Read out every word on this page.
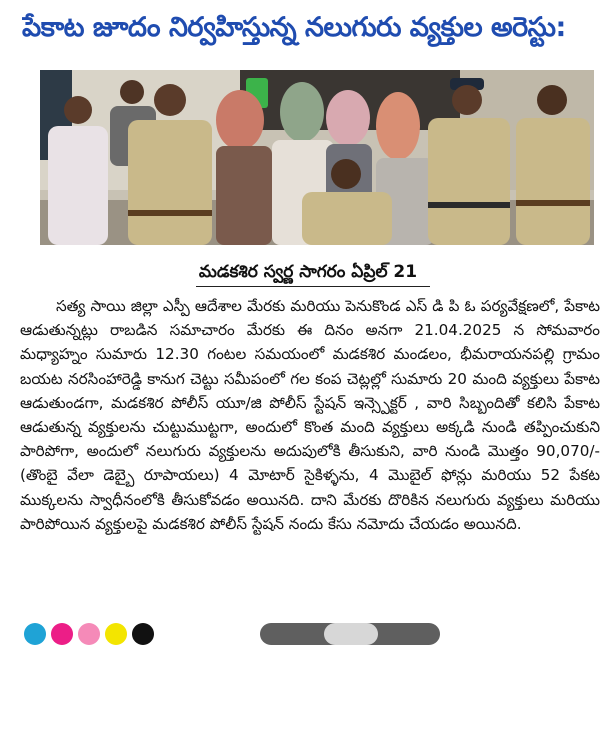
పేకాట జూదం నిర్వహిస్తున్న నలుగురు వ్యక్తుల అరెస్టు:
మడకశిర స్వర్ణ సాగరం ఏప్రిల్ 21
సత్య సాయి జిల్లా ఎస్పీ ఆదేశాల మేరకు మరియు పెనుకొండ ఎస్ డి పి ఓ పర్యవేక్షణలో, పేకాట ఆడుతున్నట్లు రాబడిన సమాచారం మేరకు ఈ దినం అనగా 21.04.2025 న సోమవారం మధ్యాహ్నం సుమారు 12.30 గంటల సమయంలో మడకశిర మండలం, భీమరాయనపల్లి గ్రామం బయట నరసింహారెడ్డి కానుగ చెట్టు సమీపంలో గల కంప చెట్లల్లో సుమారు 20 మంది వ్యక్తులు పేకాట ఆడుతుండగా, మడకశిర పోలీస్ యూ/జి పోలీస్ స్టేషన్ ఇన్స్పెక్టర్ , వారి సిబ్బందితో కలిసి పేకాట ఆడుతున్న వ్యక్తులను చుట్టుముట్టగా, అందులో కొంత మంది వ్యక్తులు అక్కడి నుండి తప్పించుకుని పారిపోగా, అందులో నలుగురు వ్యక్తులను అదుపులోకి తీసుకుని, వారి నుండి మొత్తం 90,070/-(తొంబై వేలా డెబ్బై రూపాయలు) 4 మోటార్ సైకిళ్ళను, 4 మొబైల్ ఫోన్లు మరియు 52 పేకట ముక్కలను స్వాధీనంలోకి తీసుకోవడం అయినది. దాని మేరకు దొరికిన నలుగురు వ్యక్తులు మరియు పారిపోయిన వ్యక్తులపై మడకశిర పోలీస్ స్టేషన్ నందు కేసు నమోదు చేయడం అయినది.
